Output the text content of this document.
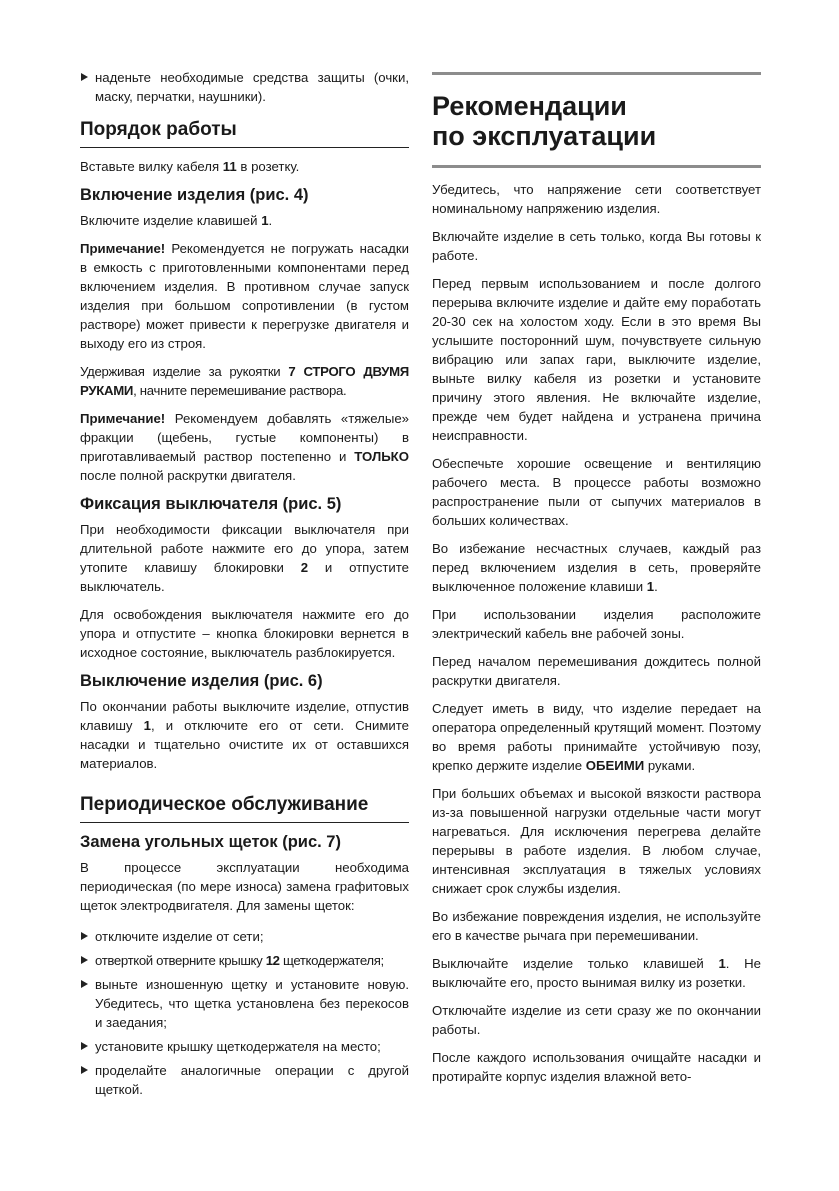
наденьте необходимые средства защиты (очки, маску, перчатки, наушники).
Порядок работы

Вставьте вилку кабеля 11 в розетку.

Включение изделия (рис. 4)

Включите изделие клавишей 1.

Примечание! Рекомендуется не погружать насадки в емкость с приготовленными компонентами перед включением изделия. В противном случае запуск изделия при большом сопротивлении (в густом растворе) может привести к перегрузке двигателя и выходу его из строя.

Удерживая изделие за рукоятки 7 СТРОГО ДВУМЯ РУКАМИ, начните перемешивание раствора.

Примечание! Рекомендуем добавлять «тяжелые» фракции (щебень, густые компоненты) в приготавливаемый раствор постепенно и ТОЛЬКО после полной раскрутки двигателя.

Фиксация выключателя (рис. 5)

При необходимости фиксации выключателя при длительной работе нажмите его до упора, затем утопите клавишу блокировки 2 и отпустите выключатель.

Для освобождения выключателя нажмите его до упора и отпустите – кнопка блокировки вернется в исходное состояние, выключатель разблокируется.

Выключение изделия (рис. 6)

По окончании работы выключите изделие, отпустив клавишу 1, и отключите его от сети. Снимите насадки и тщательно очистите их от оставшихся материалов.

Периодическое обслуживание
Замена угольных щеток (рис. 7)

В процессе эксплуатации необходима периодическая (по мере износа) замена графитовых щеток электродвигателя. Для замены щеток:

отключите изделие от сети;
отверткой отверните крышку 12 щеткодержателя;
выньте изношенную щетку и установите новую. Убедитесь, что щетка установлена без перекосов и заедания;
установите крышку щеткодержателя на место;
проделайте аналогичные операции с другой щеткой.
Рекомендации
по эксплуатации

Убедитесь, что напряжение сети соответствует номинальному напряжению изделия.

Включайте изделие в сеть только, когда Вы готовы к работе.

Перед первым использованием и после долгого перерыва включите изделие и дайте ему поработать 20-30 сек на холостом ходу. Если в это время Вы услышите посторонний шум, почувствуете сильную вибрацию или запах гари, выключите изделие, выньте вилку кабеля из розетки и установите причину этого явления. Не включайте изделие, прежде чем будет найдена и устранена причина неисправности.

Обеспечьте хорошие освещение и вентиляцию рабочего места. В процессе работы возможно распространение пыли от сыпучих материалов в больших количествах.

Во избежание несчастных случаев, каждый раз перед включением изделия в сеть, проверяйте выключенное положение клавиши 1.

При использовании изделия расположите электрический кабель вне рабочей зоны.

Перед началом перемешивания дождитесь полной раскрутки двигателя.

Следует иметь в виду, что изделие передает на оператора определенный крутящий момент. Поэтому во время работы принимайте устойчивую позу, крепко держите изделие ОБЕИМИ руками.

При больших объемах и высокой вязкости раствора из-за повышенной нагрузки отдельные части могут нагреваться. Для исключения перегрева делайте перерывы в работе изделия. В любом случае, интенсивная эксплуатация в тяжелых условиях снижает срок службы изделия.

Во избежание повреждения изделия, не используйте его в качестве рычага при перемешивании.

Выключайте изделие только клавишей 1. Не выключайте его, просто вынимая вилку из розетки.

Отключайте изделие из сети сразу же по окончании работы.

После каждого использования очищайте насадки и протирайте корпус изделия влажной вето-
